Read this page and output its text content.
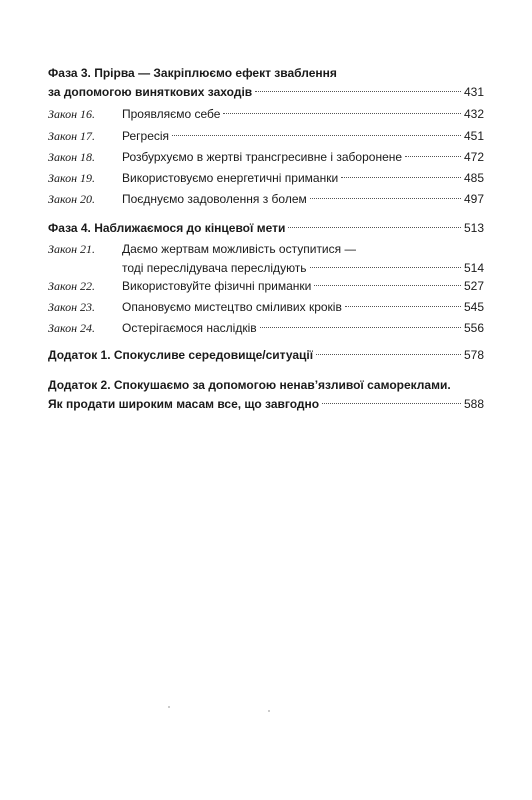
Фаза 3. Прірва — Закріплюємо ефект зваблення
за допомогою виняткових заходів	431
Закон 16.	Проявляємо себе	432
Закон 17.	Регресія	451
Закон 18.	Розбурхуємо в жертві трансгресивне і заборонене	472
Закон 19.	Використовуємо енергетичні приманки	485
Закон 20.	Поєднуємо задоволення з болем	497
Фаза 4. Наближаємося до кінцевої мети	513
Закон 21.	Даємо жертвам можливість оступитися —
тоді переслідувача переслідують	514
Закон 22.	Використовуйте фізичні приманки	527
Закон 23.	Опановуємо мистецтво сміливих кроків	545
Закон 24.	Остерігаємося наслідків	556
Додаток 1. Спокусливе середовище/ситуації	578
Додаток 2. Спокушаємо за допомогою ненав’язливої самореклами.
Як продати широким масам все, що завгодно	588
